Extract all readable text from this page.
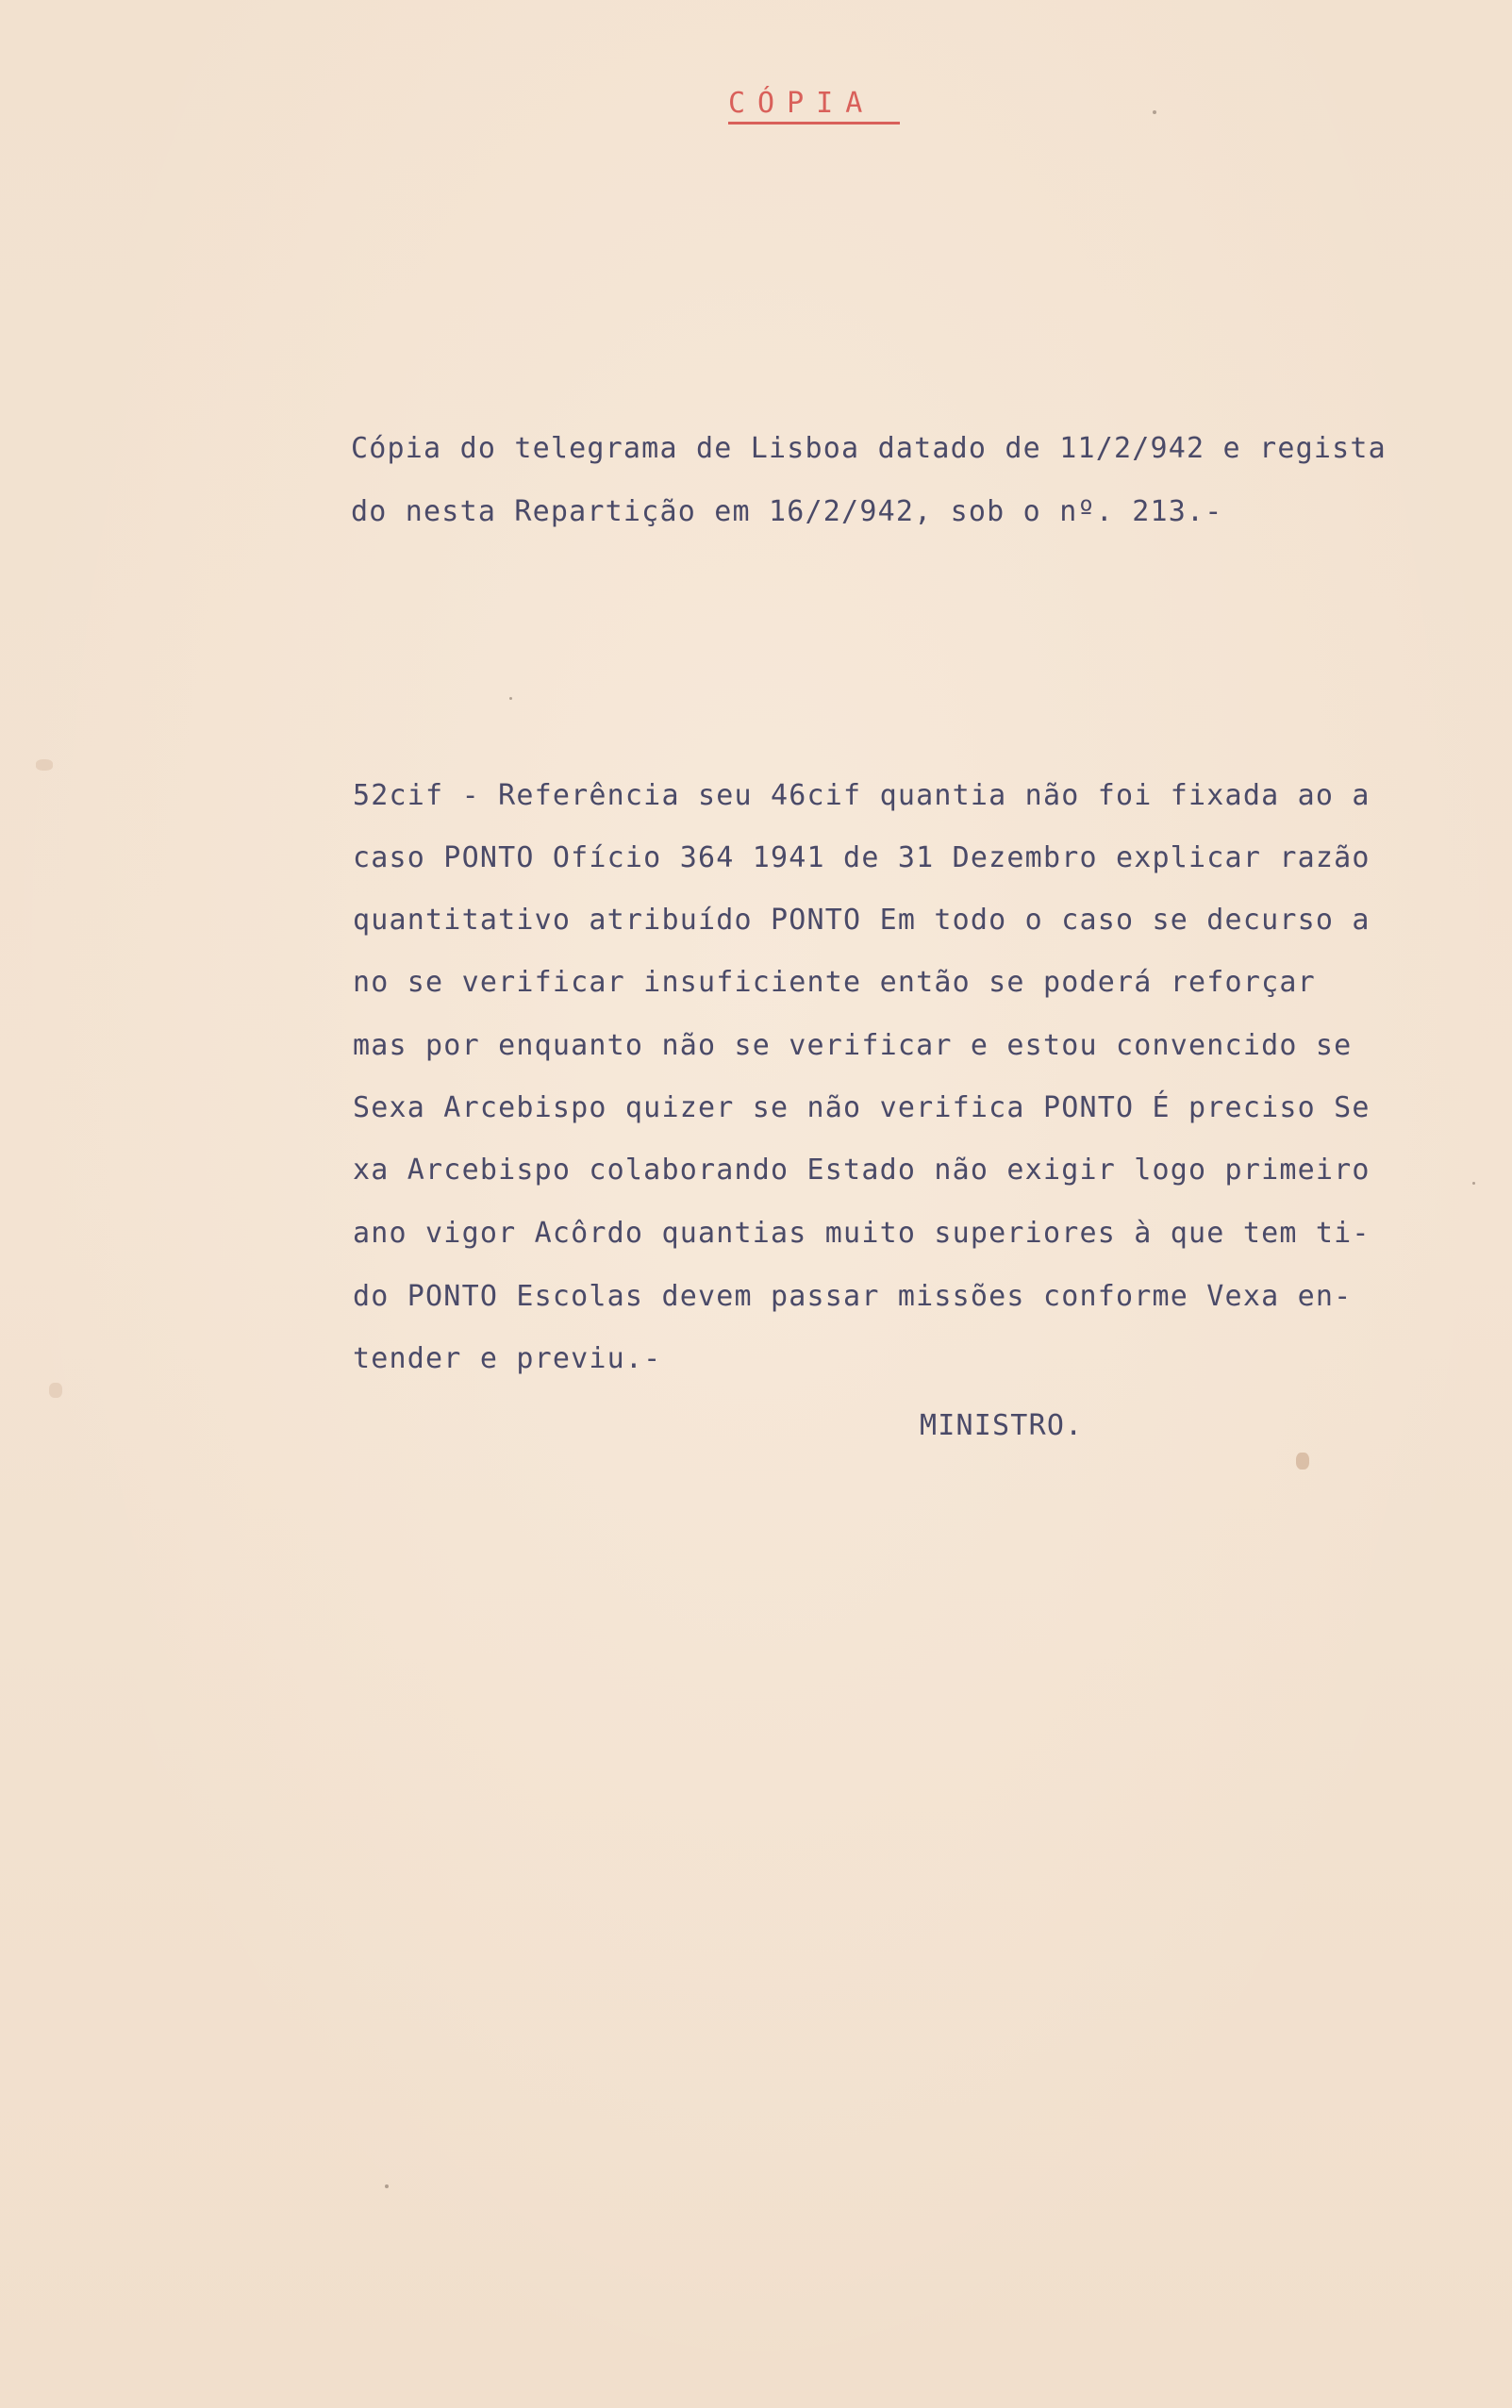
CÓPIA
Cópia do telegrama de Lisboa datado de 11/2/942 e regista
do nesta Repartição em 16/2/942, sob o nº. 213.-
52cif - Referência seu 46cif quantia não foi fixada ao a
caso PONTO Ofício 364 1941 de 31 Dezembro explicar razão
quantitativo atribuído PONTO Em todo o caso se decurso a
no se verificar insuficiente então se poderá reforçar
mas por enquanto não se verificar e estou convencido se
Sexa Arcebispo quizer se não verifica PONTO É preciso Se
xa Arcebispo colaborando Estado não exigir logo primeiro
ano vigor Acôrdo quantias muito superiores à que tem ti-
do PONTO Escolas devem passar missões conforme Vexa en-
tender e previu.-
MINISTRO.
